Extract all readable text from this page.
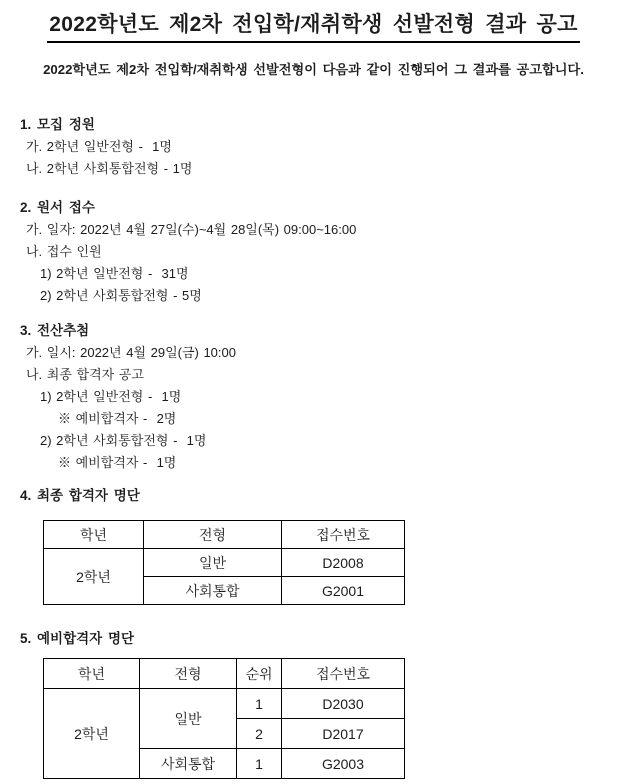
2022학년도 제2차 전입학/재취학생 선발전형 결과 공고
2022학년도 제2차 전입학/재취학생 선발전형이 다음과 같이 진행되어 그 결과를 공고합니다.
1. 모집 정원
가. 2학년 일반전형 -  1명
나. 2학년 사회통합전형 - 1명
2. 원서 접수
가. 일자: 2022년 4월 27일(수)~4월 28일(목) 09:00~16:00
나. 접수 인원
1) 2학년 일반전형 -  31명
2) 2학년 사회통합전형 - 5명
3. 전산추첨
가. 일시: 2022년 4월 29일(금) 10:00
나. 최종 합격자 공고
1) 2학년 일반전형 -  1명
※ 예비합격자 -  2명
2) 2학년 사회통합전형 -  1명
※ 예비합격자 -  1명
4. 최종 합격자 명단
학년	전형	접수번호
2학년	일반	D2008
	사회통합	G2001
5. 예비합격자 명단
학년	전형	순위	접수번호
2학년	일반	1	D2030
		2	D2017
	사회통합	1	G2003
